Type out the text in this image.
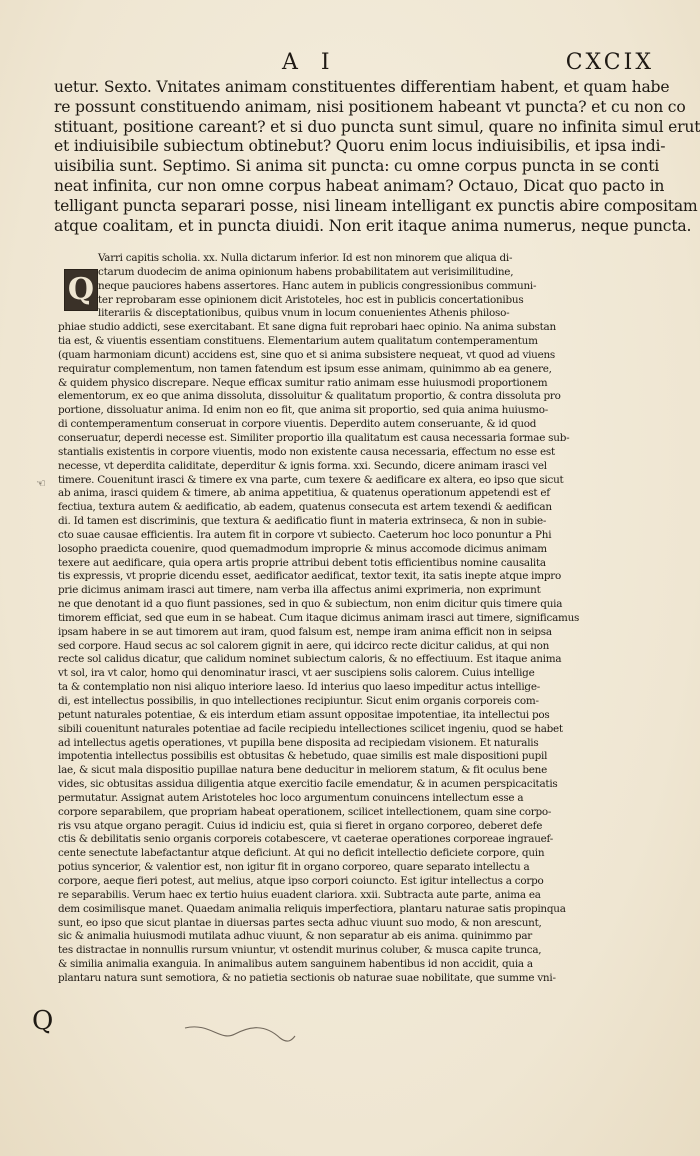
A I	CXCIX

uetur. Sexto. Vnitates animam constituentes differentiam habent, et quam habe

re possunt constituendo animam, nisi positionem habeant vt puncta? et cu non co

stituant, positione careant? et si duo puncta sunt simul, quare no infinita simul erut

et indiuisibile subiectum obtinebut? Quoru enim locus indiuisibilis, et ipsa indi-

uisibilia sunt. Septimo. Si anima sit puncta: cu omne corpus puncta in se conti

neat infinita, cur non omne corpus habeat animam? Octauo, Dicat quo pacto in

telligant puncta separari posse, nisi lineam intelligant ex punctis abire compositam

atque coalitam, et in puncta diuidi. Non erit itaque anima numerus, neque puncta.

Q

Varri capitis scholia. xx. Nulla dictarum inferior. Id est non minorem que aliqua di-

ctarum duodecim de anima opinionum habens probabilitatem aut verisimilitudine,

neque pauciores habens assertores. Hanc autem in publicis congressionibus communi-

ter reprobaram esse opinionem dicit Aristoteles, hoc est in publicis concertationibus

literariis & disceptationibus, quibus vnum in locum conuenientes Athenis philoso-

phiae studio addicti, sese exercitabant. Et sane digna fuit reprobari haec opinio. Na anima substan

tia est, & viuentis essentiam constituens. Elementarium autem qualitatum contemperamentum

(quam harmoniam dicunt) accidens est, sine quo et si anima subsistere nequeat, vt quod ad viuens

requiratur complementum, non tamen fatendum est ipsum esse animam, quinimmo ab ea genere,

& quidem physico discrepare. Neque efficax sumitur ratio animam esse huiusmodi proportionem

elementorum, ex eo que anima dissoluta, dissoluitur & qualitatum proportio, & contra dissoluta pro

portione, dissoluatur anima. Id enim non eo fit, que anima sit proportio, sed quia anima huiusmo-

di contemperamentum conseruat in corpore viuentis. Deperdito autem conseruante, & id quod

conseruatur, deperdi necesse est. Similiter proportio illa qualitatum est causa necessaria formae sub-

stantialis existentis in corpore viuentis, modo non existente causa necessaria, effectum no esse est

necesse, vt deperdita caliditate, deperditur & ignis forma. xxi. Secundo, dicere animam irasci vel

timere. Couenitunt irasci & timere ex vna parte, cum texere & aedificare ex altera, eo ipso que sicut

ab anima, irasci quidem & timere, ab anima appetitiua, & quatenus operationum appetendi est ef

fectiua, textura autem & aedificatio, ab eadem, quatenus consecuta est artem texendi & aedifican

di. Id tamen est discriminis, que textura & aedificatio fiunt in materia extrinseca, & non in subie-

cto suae causae efficientis. Ira autem fit in corpore vt subiecto. Caeterum hoc loco ponuntur a Phi

losopho praedicta couenire, quod quemadmodum improprie & minus accomode dicimus animam

texere aut aedificare, quia opera artis proprie attribui debent totis efficientibus nomine causalita

tis expressis, vt proprie dicendu esset, aedificator aedificat, textor texit, ita satis inepte atque impro

prie dicimus animam irasci aut timere, nam verba illa affectus animi exprimeria, non exprimunt

ne que denotant id a quo fiunt passiones, sed in quo & subiectum, non enim dicitur quis timere quia

timorem efficiat, sed que eum in se habeat. Cum itaque dicimus animam irasci aut timere, significamus

ipsam habere in se aut timorem aut iram, quod falsum est, nempe iram anima efficit non in seipsa

sed corpore. Haud secus ac sol calorem gignit in aere, qui idcirco recte dicitur calidus, at qui non

recte sol calidus dicatur, que calidum nominet subiectum caloris, & no effectiuum. Est itaque anima

vt sol, ira vt calor, homo qui denominatur irasci, vt aer suscipiens solis calorem. Cuius intellige

ta & contemplatio non nisi aliquo interiore laeso. Id interius quo laeso impeditur actus intellige-

di, est intellectus possibilis, in quo intellectiones recipiuntur. Sicut enim organis corporeis com-

petunt naturales potentiae, & eis interdum etiam assunt oppositae impotentiae, ita intellectui pos

sibili couenitunt naturales potentiae ad facile recipiedu intellectiones scilicet ingeniu, quod se habet

ad intellectus agetis operationes, vt pupilla bene disposita ad recipiedam visionem. Et naturalis

impotentia intellectus possibilis est obtusitas & hebetudo, quae similis est male dispositioni pupil

lae, & sicut mala dispositio pupillae natura bene deducitur in meliorem statum, & fit oculus bene

vides, sic obtusitas assidua diligentia atque exercitio facile emendatur, & in acumen perspicacitatis

permutatur. Assignat autem Aristoteles hoc loco argumentum conuincens intellectum esse a

corpore separabilem, que propriam habeat operationem, scilicet intellectionem, quam sine corpo-

ris vsu atque organo peragit. Cuius id indiciu est, quia si fieret in organo corporeo, deberet defe

ctis & debilitatis senio organis corporeis cotabescere, vt caeterae operationes corporeae ingrauef-

cente senectute labefactantur atque deficiunt. At qui no deficit intellectio deficiete corpore, quin

potius syncerior, & valentior est, non igitur fit in organo corporeo, quare separato intellectu a

corpore, aeque fieri potest, aut melius, atque ipso corpori coiuncto. Est igitur intellectus a corpo

re separabilis. Verum haec ex tertio huius euadent clariora. xxii. Subtracta aute parte, anima ea

dem cosimilisque manet. Quaedam animalia reliquis imperfectiora, plantaru naturae satis propinqua

sunt, eo ipso que sicut plantae in diuersas partes secta adhuc viuunt suo modo, & non arescunt,

sic & animalia huiusmodi mutilata adhuc viuunt, & non separatur ab eis anima. quinimmo par

tes distractae in nonnullis rursum vniuntur, vt ostendit murinus coluber, & musca capite trunca,

& similia animalia exanguia. In animalibus autem sanguinem habentibus id non accidit, quia a

plantaru natura sunt semotiora, & no patietia sectionis ob naturae suae nobilitate, que summe vni-

☜
Q
